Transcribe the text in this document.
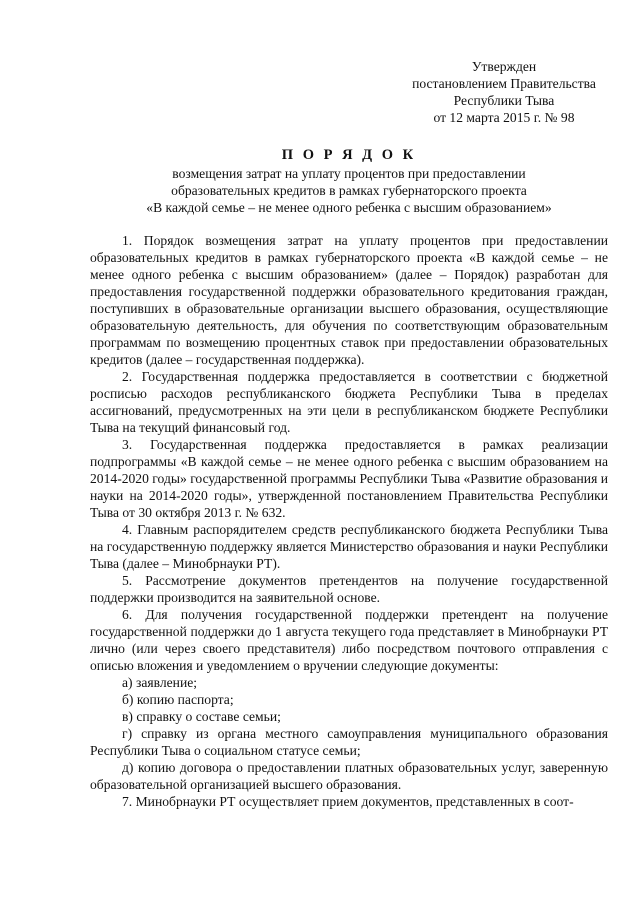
Утвержден
постановлением Правительства
Республики Тыва
от 12 марта 2015 г. № 98
П О Р Я Д О К
возмещения затрат на уплату процентов при предоставлении
образовательных кредитов в рамках губернаторского проекта
«В каждой семье – не менее одного ребенка с высшим образованием»

1. Порядок возмещения затрат на уплату процентов при предоставлении образовательных кредитов в рамках губернаторского проекта «В каждой семье – не менее одного ребенка с высшим образованием» (далее – Порядок) разработан для предоставления государственной поддержки образовательного кредитования граждан, поступивших в образовательные организации высшего образования, осуществляющие образовательную деятельность, для обучения по соответствующим образовательным программам по возмещению процентных ставок при предоставлении образовательных кредитов (далее – государственная поддержка).

2. Государственная поддержка предоставляется в соответствии с бюджетной росписью расходов республиканского бюджета Республики Тыва в пределах ассигнований, предусмотренных на эти цели в республиканском бюджете Республики Тыва на текущий финансовый год.

3. Государственная поддержка предоставляется в рамках реализации подпрограммы «В каждой семье – не менее одного ребенка с высшим образованием на 2014-2020 годы» государственной программы Республики Тыва «Развитие образования и науки на 2014-2020 годы», утвержденной постановлением Правительства Республики Тыва от 30 октября 2013 г. № 632.

4. Главным распорядителем средств республиканского бюджета Республики Тыва на государственную поддержку является Министерство образования и науки Республики Тыва (далее – Минобрнауки РТ).

5. Рассмотрение документов претендентов на получение государственной поддержки производится на заявительной основе.

6. Для получения государственной поддержки претендент на получение государственной поддержки до 1 августа текущего года представляет в Минобрнауки РТ лично (или через своего представителя) либо посредством почтового отправления с описью вложения и уведомлением о вручении следующие документы:

а) заявление;

б) копию паспорта;

в) справку о составе семьи;

г) справку из органа местного самоуправления муниципального образования Республики Тыва о социальном статусе семьи;

д) копию договора о предоставлении платных образовательных услуг, заверенную образовательной организацией высшего образования.

7. Минобрнауки РТ осуществляет прием документов, представленных в соот-
